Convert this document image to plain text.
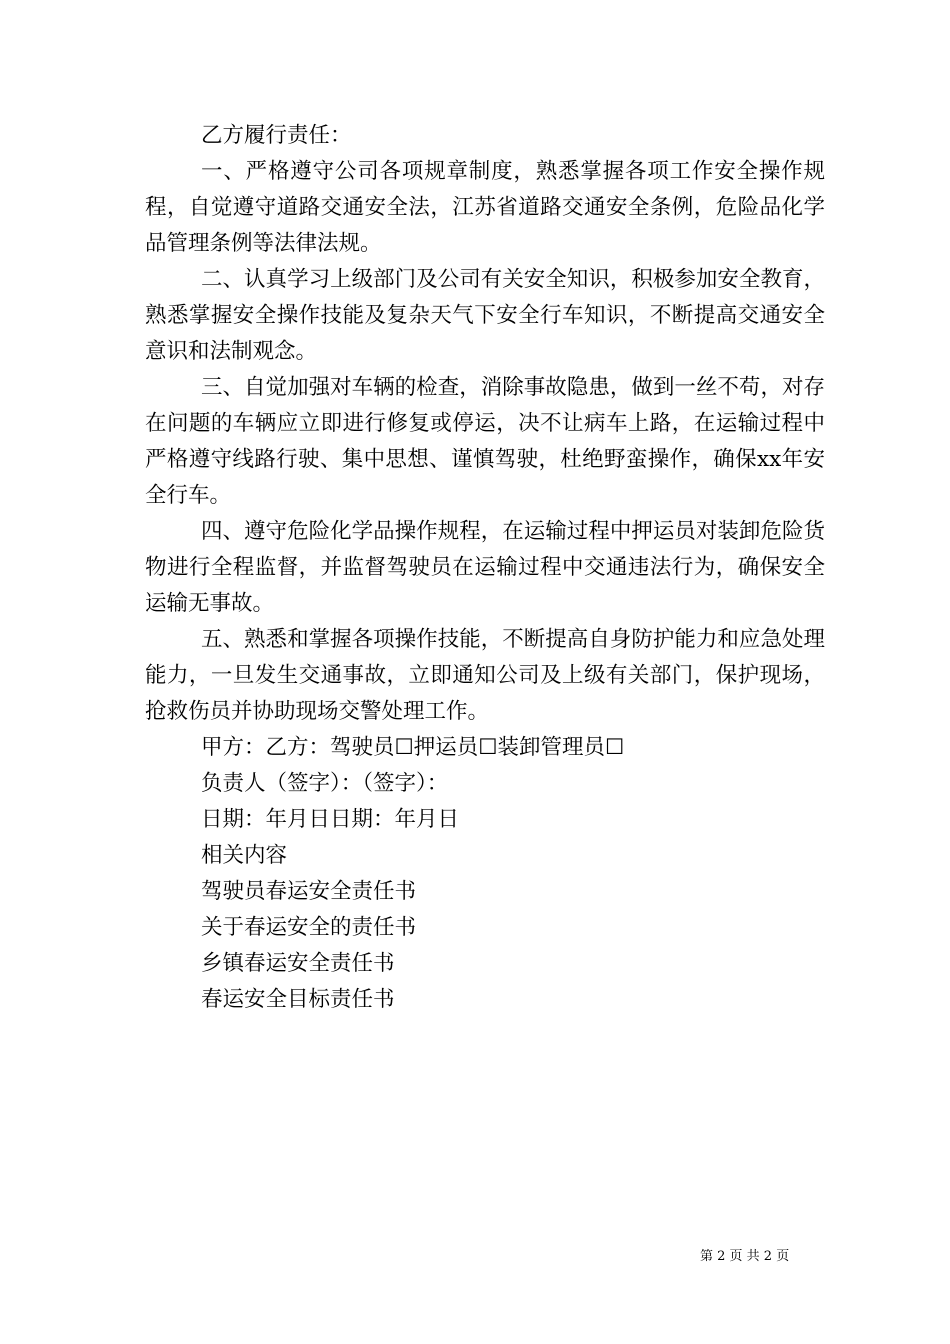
乙方履行责任：

一、严格遵守公司各项规章制度，熟悉掌握各项工作安全操作规程，自觉遵守道路交通安全法，江苏省道路交通安全条例，危险品化学品管理条例等法律法规。

二、认真学习上级部门及公司有关安全知识，积极参加安全教育，熟悉掌握安全操作技能及复杂天气下安全行车知识，不断提高交通安全意识和法制观念。

三、自觉加强对车辆的检查，消除事故隐患，做到一丝不苟，对存在问题的车辆应立即进行修复或停运，决不让病车上路，在运输过程中严格遵守线路行驶、集中思想、谨慎驾驶，杜绝野蛮操作，确保xx年安全行车。

四、遵守危险化学品操作规程，在运输过程中押运员对装卸危险货物进行全程监督，并监督驾驶员在运输过程中交通违法行为，确保安全运输无事故。

五、熟悉和掌握各项操作技能，不断提高自身防护能力和应急处理能力，一旦发生交通事故，立即通知公司及上级有关部门，保护现场，抢救伤员并协助现场交警处理工作。

甲方：乙方：驾驶员☐押运员☐装卸管理员☐

负责人（签字）：（签字）：

日期：年月日日期：年月日

相关内容

驾驶员春运安全责任书

关于春运安全的责任书

乡镇春运安全责任书

春运安全目标责任书

第 2 页 共 2 页
